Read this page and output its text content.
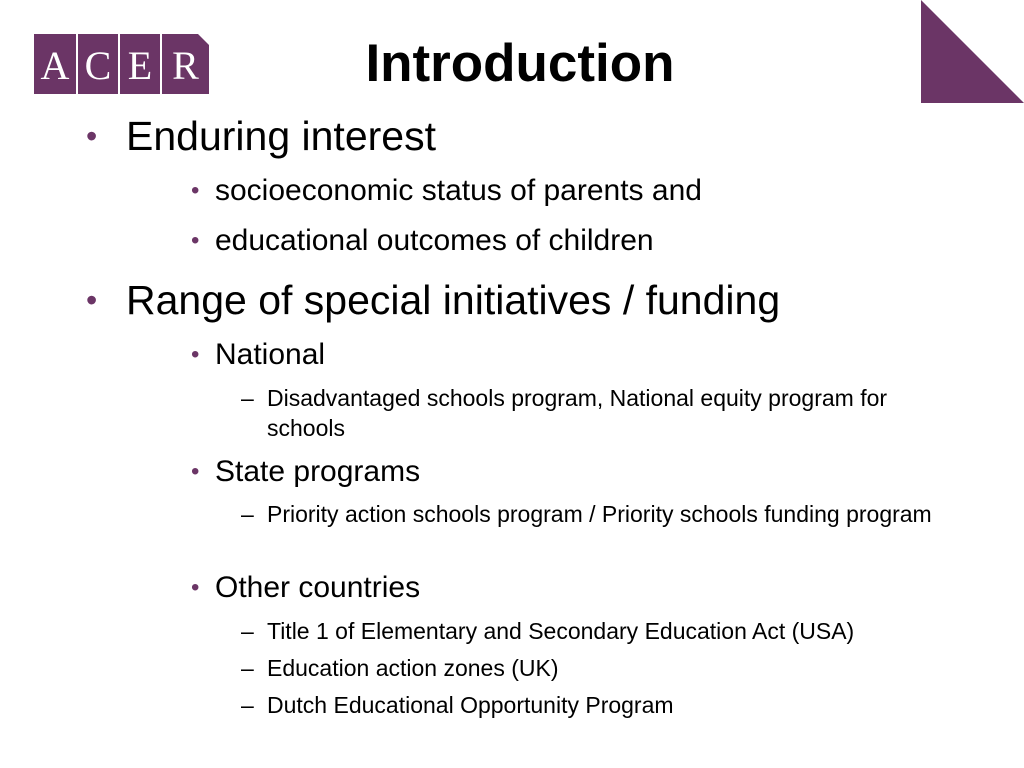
A C E R	Introduction
• Enduring interest
• socioeconomic status of parents and
• educational outcomes of children
• Range of special initiatives / funding
• National
– Disadvantaged schools program, National equity program for schools
• State programs
– Priority action schools program / Priority schools funding program
• Other countries
– Title 1 of Elementary and Secondary Education Act (USA)
– Education action zones (UK)
– Dutch Educational Opportunity Program
